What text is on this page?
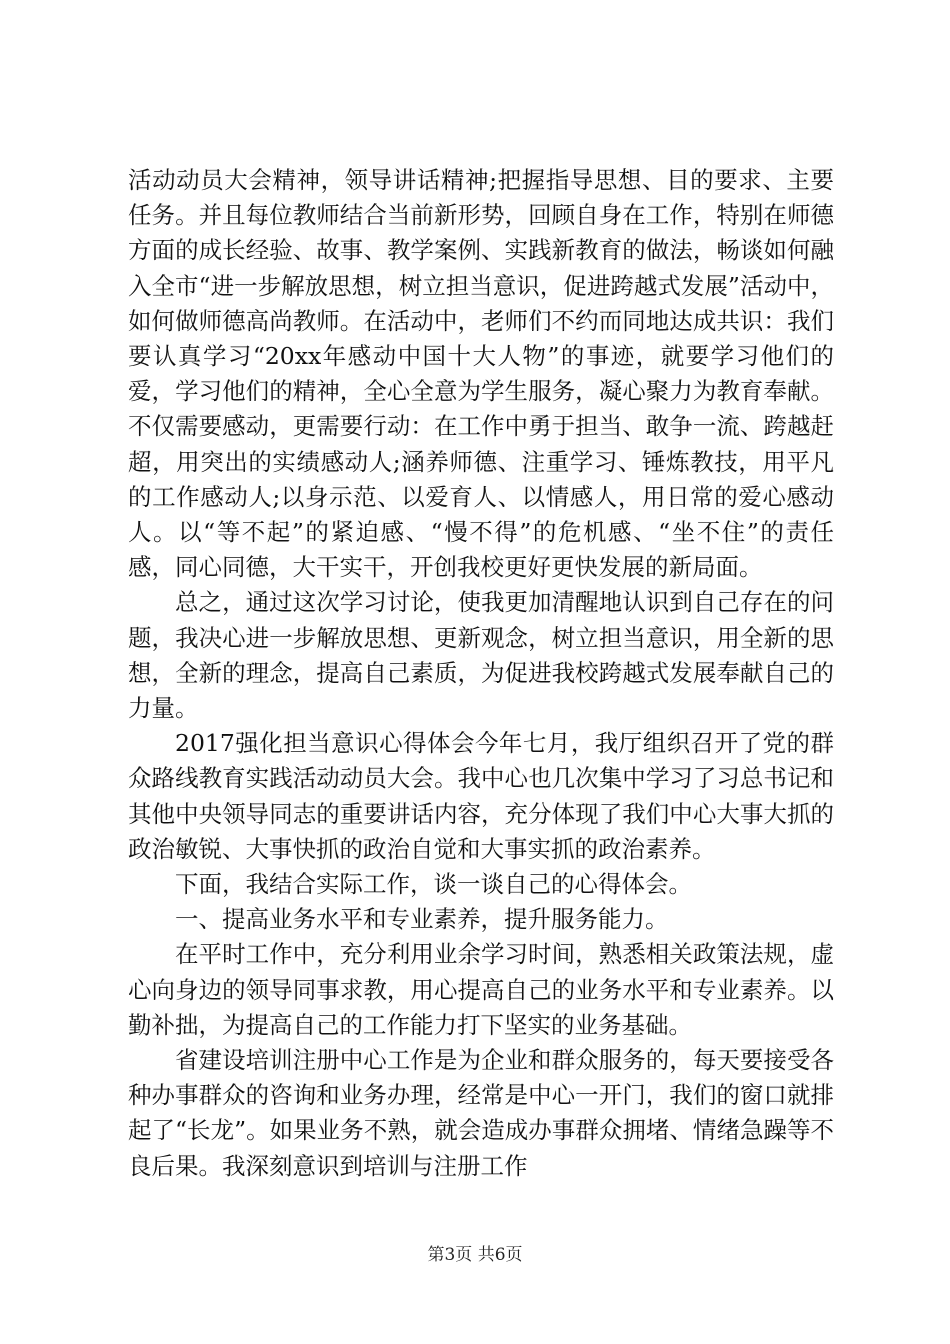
活动动员大会精神，领导讲话精神;把握指导思想、目的要求、主要任务。并且每位教师结合当前新形势，回顾自身在工作，特别在师德方面的成长经验、故事、教学案例、实践新教育的做法，畅谈如何融入全市“进一步解放思想，树立担当意识，促进跨越式发展”活动中，如何做师德高尚教师。在活动中，老师们不约而同地达成共识：我们要认真学习“20xx年感动中国十大人物”的事迹，就要学习他们的爱，学习他们的精神，全心全意为学生服务，凝心聚力为教育奉献。不仅需要感动，更需要行动：在工作中勇于担当、敢争一流、跨越赶超，用突出的实绩感动人;涵养师德、注重学习、锤炼教技，用平凡的工作感动人;以身示范、以爱育人、以情感人，用日常的爱心感动人。以“等不起”的紧迫感、“慢不得”的危机感、“坐不住”的责任感，同心同德，大干实干，开创我校更好更快发展的新局面。

总之，通过这次学习讨论，使我更加清醒地认识到自己存在的问题，我决心进一步解放思想、更新观念，树立担当意识，用全新的思想，全新的理念，提高自己素质，为促进我校跨越式发展奉献自己的力量。

2017强化担当意识心得体会今年七月，我厅组织召开了党的群众路线教育实践活动动员大会。我中心也几次集中学习了习总书记和其他中央领导同志的重要讲话内容，充分体现了我们中心大事大抓的政治敏锐、大事快抓的政治自觉和大事实抓的政治素养。

下面，我结合实际工作，谈一谈自己的心得体会。

一、提高业务水平和专业素养，提升服务能力。

在平时工作中，充分利用业余学习时间，熟悉相关政策法规，虚心向身边的领导同事求教，用心提高自己的业务水平和专业素养。以勤补拙，为提高自己的工作能力打下坚实的业务基础。

省建设培训注册中心工作是为企业和群众服务的，每天要接受各种办事群众的咨询和业务办理，经常是中心一开门，我们的窗口就排起了“长龙”。如果业务不熟，就会造成办事群众拥堵、情绪急躁等不良后果。我深刻意识到培训与注册工作

第3页 共6页
